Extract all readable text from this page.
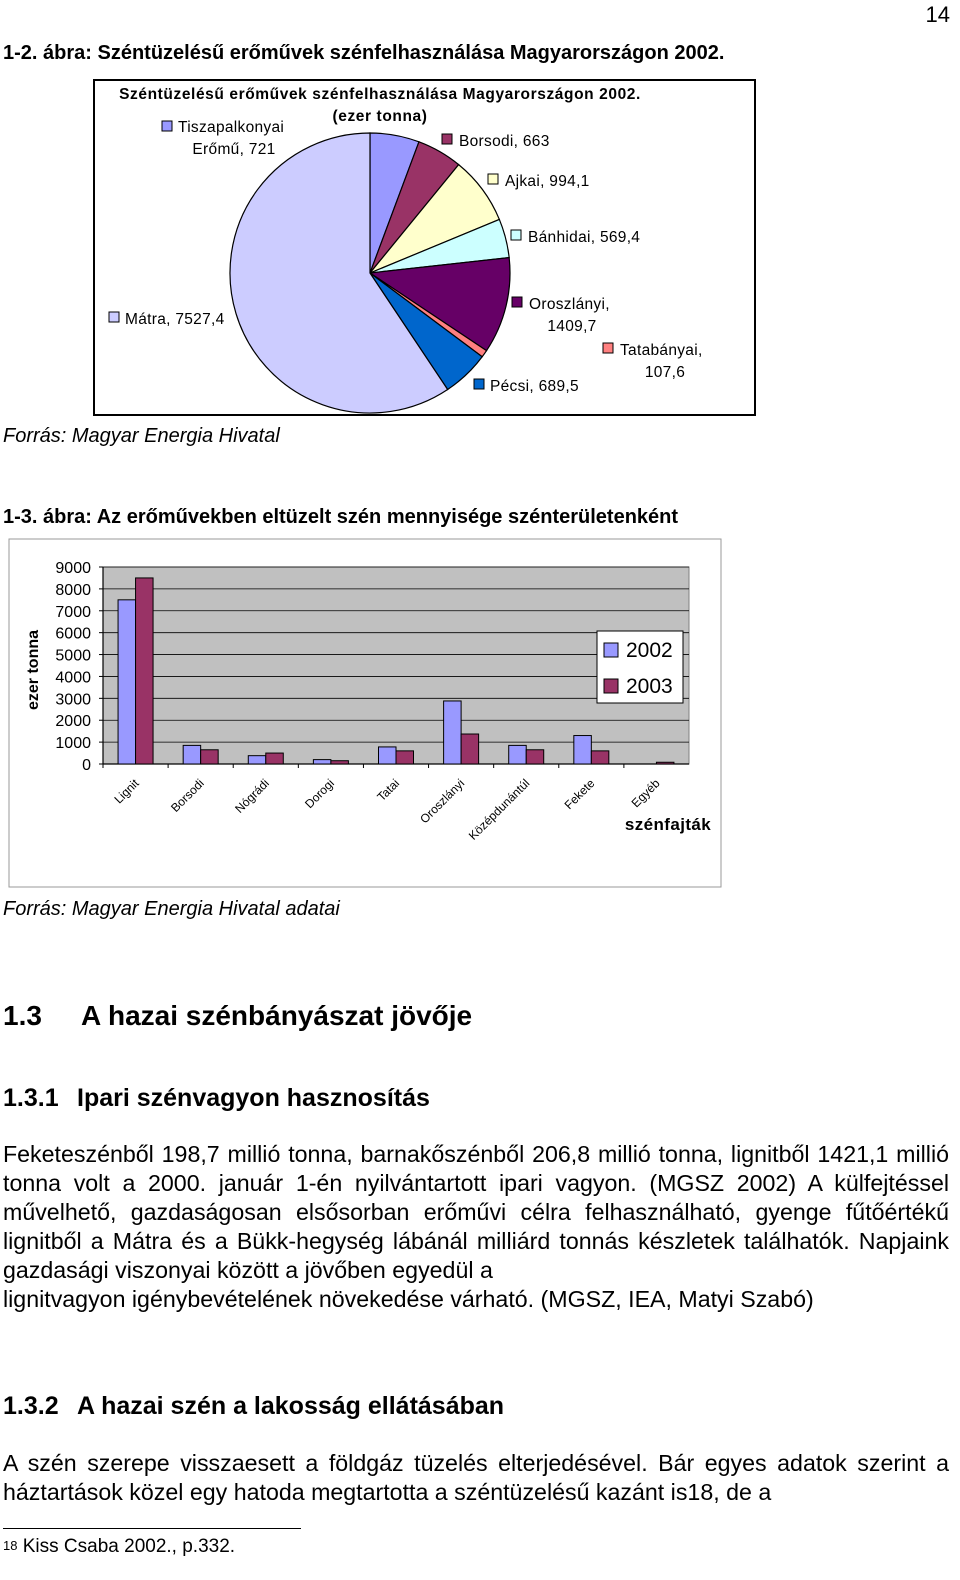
14
1-2. ábra: Széntüzelésű erőművek szénfelhasználása Magyarországon 2002.
Széntüzelésű erőművek szénfelhasználása Magyarországon 2002.
(ezer tonna)
Tiszapalkonyai
Erőmű, 721	Borsodi, 663
Ajkai, 994,1
Bánhidai, 569,4
Mátra, 7527,4
Oroszlányi,
1409,7
Tatabányai,
107,6
Pécsi, 689,5
Forrás: Magyar Energia Hivatal
1-3. ábra: Az erőművekben eltüzelt szén mennyisége szénterületenként
0
1000
2000
3000
4000
5000
6000
7000
8000
9000
Lignit Borsodi Nógrádi	Dorogi	Tatai Oroszlányi
Középdunántúl Fekete	Egyéb
2002
2003
ezer tonna
szénfajták
Forrás: Magyar Energia Hivatal adatai
1.3 A hazai szénbányászat jövője
1.3.1 Ipari szénvagyon hasznosítás
Feketeszénből 198,7 millió tonna, barnakőszénből 206,8 millió tonna, lignitből 1421,1 millió tonna volt a 2000. január 1-én nyilvántartott ipari vagyon. (MGSZ 2002) A külfejtéssel művelhető, gazdaságosan elsősorban erőművi célra felhasználható, gyenge fűtőértékű lignitből a Mátra és a Bükk-hegység lábánál milliárd tonnás készletek találhatók. Napjaink gazdasági viszonyai között a jövőben egyedül a
lignitvagyon igénybevételének növekedése várható. (MGSZ, IEA, Matyi Szabó)
1.3.2 A hazai szén a lakosság ellátásában
A szén szerepe visszaesett a földgáz tüzelés elterjedésével. Bár egyes adatok szerint a háztartások közel egy hatoda megtartotta a széntüzelésű kazánt is18, de a
$^{18}$ Kiss Csaba 2002., p.332.
